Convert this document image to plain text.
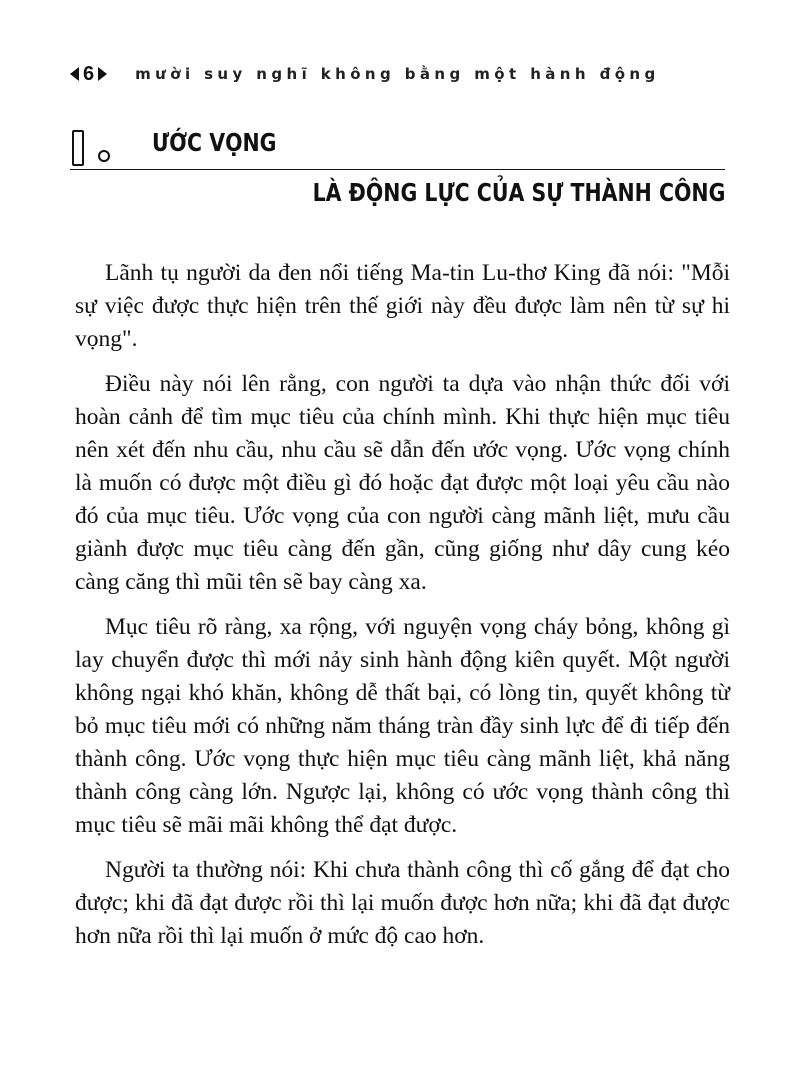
6	mười suy nghĩ không bằng một hành động
ƯỚC VỌNG
LÀ ĐỘNG LỰC CỦA SỰ THÀNH CÔNG

Lãnh tụ người da đen nổi tiếng Ma-tin Lu-thơ King đã nói: "Mỗi sự việc được thực hiện trên thế giới này đều được làm nên từ sự hi vọng".

Điều này nói lên rằng, con người ta dựa vào nhận thức đối với hoàn cảnh để tìm mục tiêu của chính mình. Khi thực hiện mục tiêu nên xét đến nhu cầu, nhu cầu sẽ dẫn đến ước vọng. Ước vọng chính là muốn có được một điều gì đó hoặc đạt được một loại yêu cầu nào đó của mục tiêu. Ước vọng của con người càng mãnh liệt, mưu cầu giành được mục tiêu càng đến gần, cũng giống như dây cung kéo càng căng thì mũi tên sẽ bay càng xa.

Mục tiêu rõ ràng, xa rộng, với nguyện vọng cháy bỏng, không gì lay chuyển được thì mới nảy sinh hành động kiên quyết. Một người không ngại khó khăn, không dễ thất bại, có lòng tin, quyết không từ bỏ mục tiêu mới có những năm tháng tràn đầy sinh lực để đi tiếp đến thành công. Ước vọng thực hiện mục tiêu càng mãnh liệt, khả năng thành công càng lớn. Ngược lại, không có ước vọng thành công thì mục tiêu sẽ mãi mãi không thể đạt được.

Người ta thường nói: Khi chưa thành công thì cố gắng để đạt cho được; khi đã đạt được rồi thì lại muốn được hơn nữa; khi đã đạt được hơn nữa rồi thì lại muốn ở mức độ cao hơn.
